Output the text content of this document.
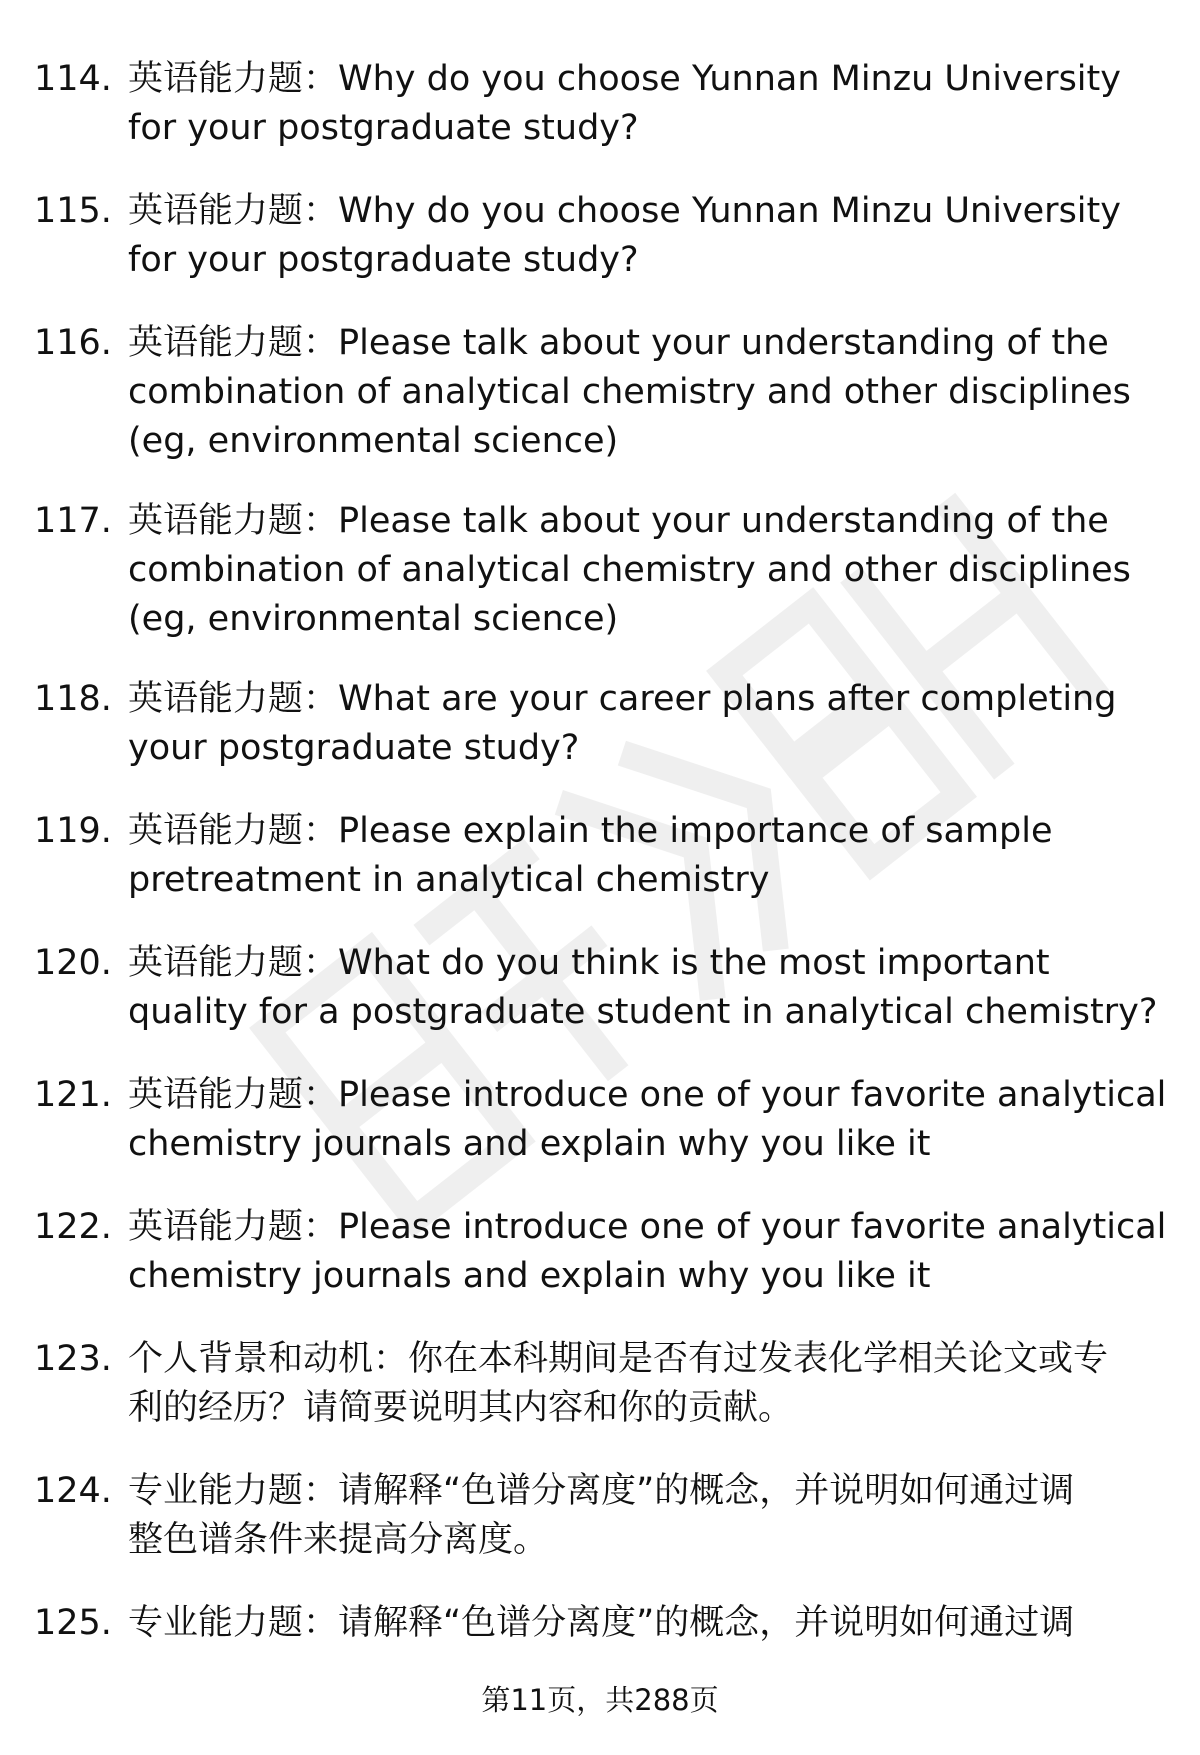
114. 英语能力题：Why do you choose Yunnan Minzu University
for your postgraduate study?
115. 英语能力题：Why do you choose Yunnan Minzu University
for your postgraduate study?
116. 英语能力题：Please talk about your understanding of the
combination of analytical chemistry and other disciplines
(eg, environmental science)
117. 英语能力题：Please talk about your understanding of the
combination of analytical chemistry and other disciplines
(eg, environmental science)
118. 英语能力题：What are your career plans after completing
your postgraduate study?
119. 英语能力题：Please explain the importance of sample
pretreatment in analytical chemistry
120. 英语能力题：What do you think is the most important
quality for a postgraduate student in analytical chemistry?
121. 英语能力题：Please introduce one of your favorite analytical
chemistry journals and explain why you like it
122. 英语能力题：Please introduce one of your favorite analytical
chemistry journals and explain why you like it
123. 个人背景和动机：你在本科期间是否有过发表化学相关论文或专
利的经历？请简要说明其内容和你的贡献。
124. 专业能力题：请解释“色谱分离度”的概念，并说明如何通过调
整色谱条件来提高分离度。
125. 专业能力题：请解释“色谱分离度”的概念，并说明如何通过调
第11页，共288页
